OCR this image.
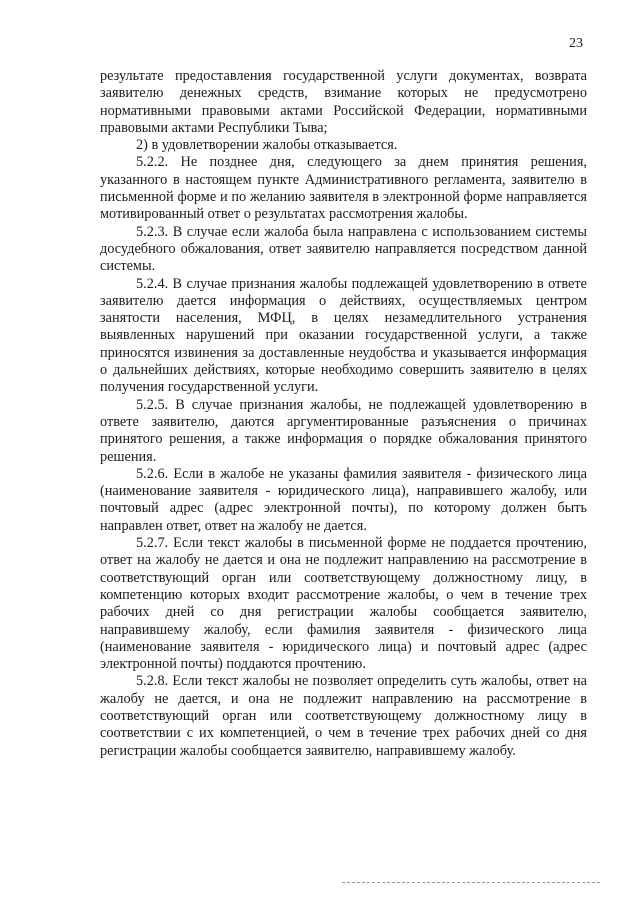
23

результате предоставления государственной услуги документах, возврата заявителю денежных средств, взимание которых не предусмотрено нормативными правовыми актами Российской Федерации, нормативными правовыми актами Республики Тыва;

2) в удовлетворении жалобы отказывается.

5.2.2. Не позднее дня, следующего за днем принятия решения, указанного в настоящем пункте Административного регламента, заявителю в письменной форме и по желанию заявителя в электронной форме направляется мотивированный ответ о результатах рассмотрения жалобы.

5.2.3. В случае если жалоба была направлена с использованием системы досудебного обжалования, ответ заявителю направляется посредством данной системы.

5.2.4. В случае признания жалобы подлежащей удовлетворению в ответе заявителю дается информация о действиях, осуществляемых центром занятости населения, МФЦ, в целях незамедлительного устранения выявленных нарушений при оказании государственной услуги, а также приносятся извинения за доставленные неудобства и указывается информация о дальнейших действиях, которые необходимо совершить заявителю в целях получения государственной услуги.

5.2.5. В случае признания жалобы, не подлежащей удовлетворению в ответе заявителю, даются аргументированные разъяснения о причинах принятого решения, а также информация о порядке обжалования принятого решения.

5.2.6. Если в жалобе не указаны фамилия заявителя - физического лица (наименование заявителя - юридического лица), направившего жалобу, или почтовый адрес (адрес электронной почты), по которому должен быть направлен ответ, ответ на жалобу не дается.

5.2.7. Если текст жалобы в письменной форме не поддается прочтению, ответ на жалобу не дается и она не подлежит направлению на рассмотрение в соответствующий орган или соответствующему должностному лицу, в компетенцию которых входит рассмотрение жалобы, о чем в течение трех рабочих дней со дня регистрации жалобы сообщается заявителю, направившему жалобу, если фамилия заявителя - физического лица (наименование заявителя - юридического лица) и почтовый адрес (адрес электронной почты) поддаются прочтению.

5.2.8. Если текст жалобы не позволяет определить суть жалобы, ответ на жалобу не дается, и она не подлежит направлению на рассмотрение в соответствующий орган или соответствующему должностному лицу в соответствии с их компетенцией, о чем в течение трех рабочих дней со дня регистрации жалобы сообщается заявителю, направившему жалобу.
